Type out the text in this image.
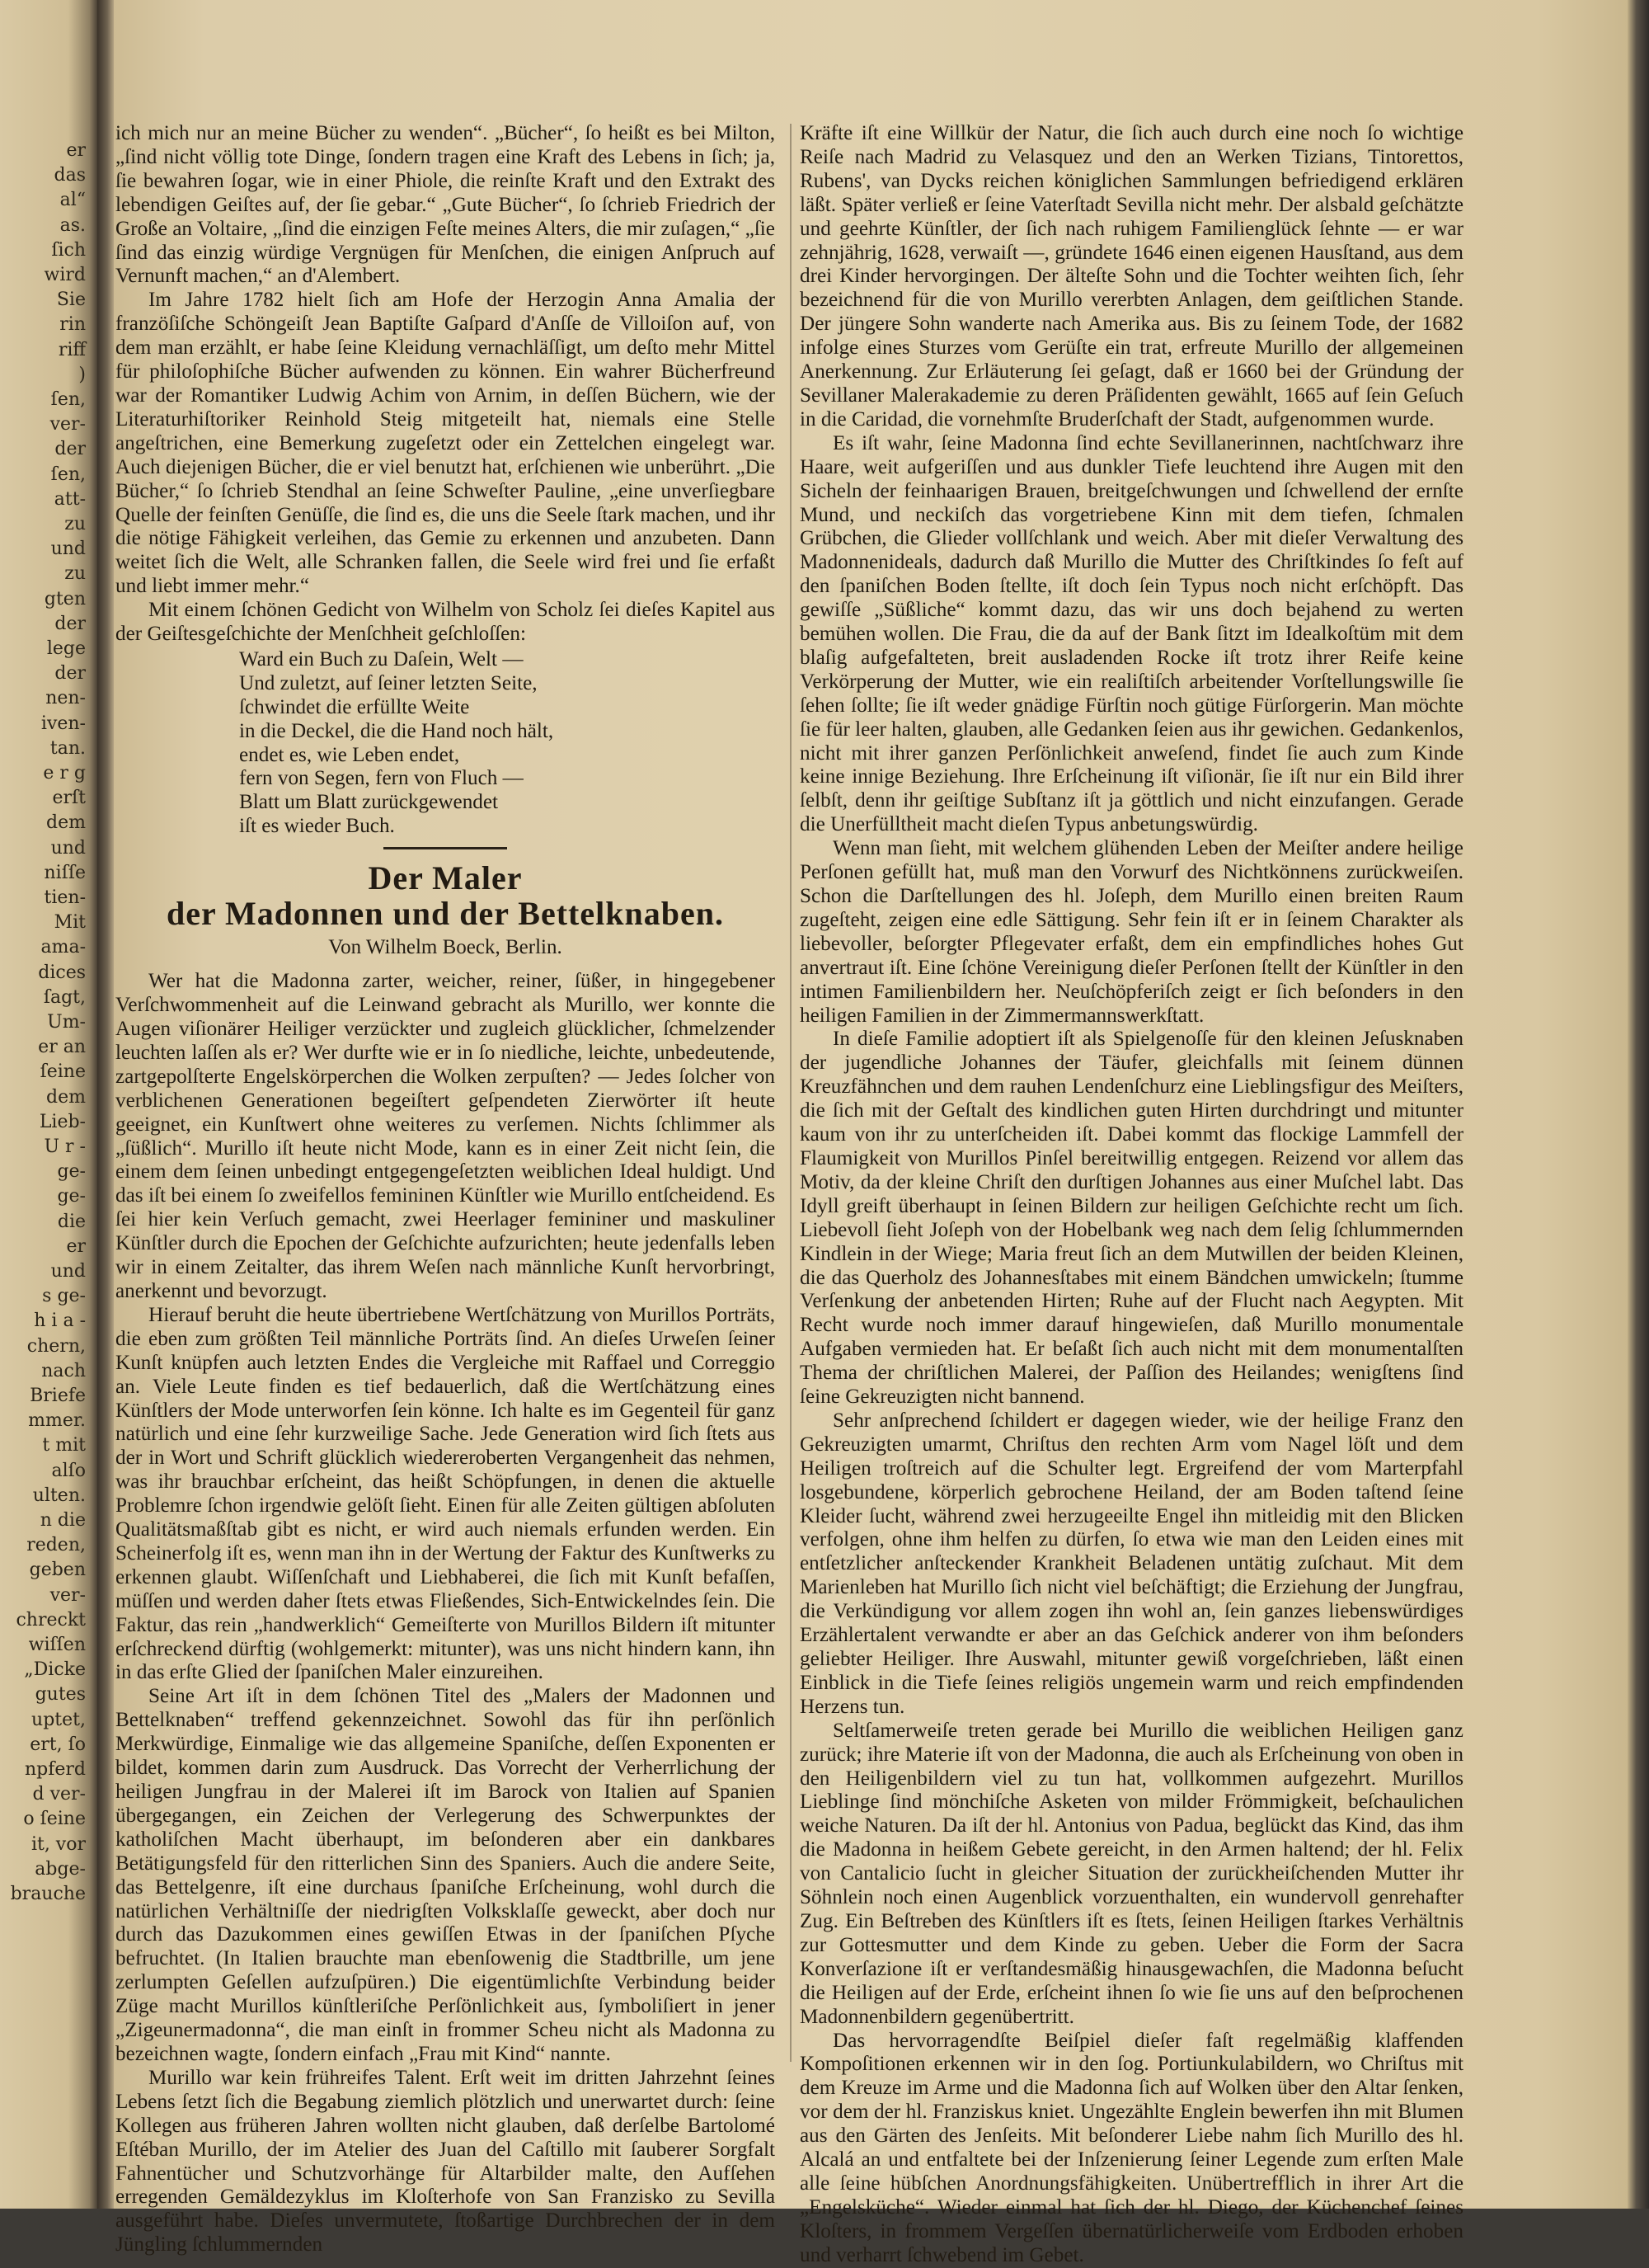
er
das
al“
as.
ſich
wird
Sie
rin
riff
)
ſen,
ver‑
der
ſen,
att‑
zu
und
zu
gten
der
lege
der
nen‑
iven‑
tan.
e r g
erſt
dem
und
niſſe
tien‑
Mit
ama‑
dices
ſagt,
Um‑
er an
ſeine
dem
Lieb‑
U r ‑
ge‑
ge‑
die
er
und
s ge‑
h i a ‑
chern,
nach
Briefe
mmer.
t mit
alſo
ulten.
n die
reden,
geben
ver‑
chreckt
wiſſen
„Dicke
gutes
uptet,
ert, ſo
npferd
d ver‑
o ſeine
it, vor
abge‑
brauche

ich mich nur an meine Bücher zu wenden“. „Bücher“, ſo heißt es bei Milton, „ſind nicht völlig tote Dinge, ſondern tragen eine Kraft des Lebens in ſich; ja, ſie bewahren ſogar, wie in einer Phiole, die reinſte Kraft und den Extrakt des lebendigen Geiſtes auf, der ſie gebar.“ „Gute Bücher“, ſo ſchrieb Friedrich der Große an Voltaire, „ſind die einzigen Feſte meines Alters, die mir zuſagen,“ „ſie ſind das einzig würdige Vergnügen für Menſchen, die einigen Anſpruch auf Vernunft machen,“ an d'Alembert.

Im Jahre 1782 hielt ſich am Hofe der Herzogin Anna Amalia der franzöſiſche Schöngeiſt Jean Baptiſte Gaſpard d'Anſſe de Villoiſon auf, von dem man erzählt, er habe ſeine Kleidung vernachläſſigt, um deſto mehr Mittel für philoſophiſche Bücher aufwenden zu können. Ein wahrer Bücherfreund war der Romantiker Ludwig Achim von Arnim, in deſſen Büchern, wie der Literaturhiſtoriker Reinhold Steig mitgeteilt hat, niemals eine Stelle angeſtrichen, eine Bemerkung zugeſetzt oder ein Zettelchen eingelegt war. Auch diejenigen Bücher, die er viel benutzt hat, erſchienen wie unberührt. „Die Bücher,“ ſo ſchrieb Stendhal an ſeine Schweſter Pauline, „eine unverſiegbare Quelle der feinſten Genüſſe, die ſind es, die uns die Seele ſtark machen, und ihr die nötige Fähigkeit verleihen, das Gemie zu erkennen und anzubeten. Dann weitet ſich die Welt, alle Schranken fallen, die Seele wird frei und ſie erfaßt und liebt immer mehr.“

Mit einem ſchönen Gedicht von Wilhelm von Scholz ſei dieſes Kapitel aus der Geiſtesgeſchichte der Menſchheit geſchloſſen:

Ward ein Buch zu Daſein, Welt —
Und zuletzt, auf ſeiner letzten Seite,
ſchwindet die erfüllte Weite
in die Deckel, die die Hand noch hält,
endet es, wie Leben endet,
fern von Segen, fern von Fluch —
Blatt um Blatt zurückgewendet
iſt es wieder Buch.
Der Maler
der Madonnen und der Bettelknaben.
Von Wilhelm Boeck, Berlin.

Wer hat die Madonna zarter, weicher, reiner, ſüßer, in hingegebener Verſchwommenheit auf die Leinwand gebracht als Murillo, wer konnte die Augen viſionärer Heiliger verzückter und zugleich glücklicher, ſchmelzender leuchten laſſen als er? Wer durfte wie er in ſo niedliche, leichte, unbedeutende, zartgepolſterte Engelskörperchen die Wolken zerpuſten? — Jedes ſolcher von verblichenen Generationen begeiſtert geſpendeten Zierwörter iſt heute geeignet, ein Kunſtwert ohne weiteres zu verſemen. Nichts ſchlimmer als „ſüßlich“. Murillo iſt heute nicht Mode, kann es in einer Zeit nicht ſein, die einem dem ſeinen unbedingt entgegengeſetzten weiblichen Ideal huldigt. Und das iſt bei einem ſo zweifellos femininen Künſtler wie Murillo entſcheidend. Es ſei hier kein Verſuch gemacht, zwei Heerlager femininer und maskuliner Künſtler durch die Epochen der Geſchichte aufzurichten; heute jedenfalls leben wir in einem Zeitalter, das ihrem Weſen nach männliche Kunſt hervorbringt, anerkennt und bevorzugt.

Hierauf beruht die heute übertriebene Wertſchätzung von Murillos Porträts, die eben zum größten Teil männliche Porträts ſind. An dieſes Urweſen ſeiner Kunſt knüpfen auch letzten Endes die Vergleiche mit Raffael und Correggio an. Viele Leute finden es tief bedauerlich, daß die Wertſchätzung eines Künſtlers der Mode unterworfen ſein könne. Ich halte es im Gegenteil für ganz natürlich und eine ſehr kurzweilige Sache. Jede Generation wird ſich ſtets aus der in Wort und Schrift glücklich wiedereroberten Vergangenheit das nehmen, was ihr brauchbar erſcheint, das heißt Schöpfungen, in denen die aktuelle Problemre ſchon irgendwie gelöſt ſieht. Einen für alle Zeiten gültigen abſoluten Qualitätsmaßſtab gibt es nicht, er wird auch niemals erfunden werden. Ein Scheinerfolg iſt es, wenn man ihn in der Wertung der Faktur des Kunſtwerks zu erkennen glaubt. Wiſſenſchaft und Liebhaberei, die ſich mit Kunſt befaſſen, müſſen und werden daher ſtets etwas Fließendes, Sich‑Entwickelndes ſein. Die Faktur, das rein „handwerklich“ Gemeiſterte von Murillos Bildern iſt mitunter erſchreckend dürftig (wohlgemerkt: mitunter), was uns nicht hindern kann, ihn in das erſte Glied der ſpaniſchen Maler einzureihen.

Seine Art iſt in dem ſchönen Titel des „Malers der Madonnen und Bettelknaben“ treffend gekennzeichnet. Sowohl das für ihn perſönlich Merkwürdige, Einmalige wie das allgemeine Spaniſche, deſſen Exponenten er bildet, kommen darin zum Ausdruck. Das Vorrecht der Verherrlichung der heiligen Jungfrau in der Malerei iſt im Barock von Italien auf Spanien übergegangen, ein Zeichen der Verlegerung des Schwerpunktes der katholiſchen Macht überhaupt, im beſonderen aber ein dankbares Betätigungsfeld für den ritterlichen Sinn des Spaniers. Auch die andere Seite, das Bettelgenre, iſt eine durchaus ſpaniſche Erſcheinung, wohl durch die natürlichen Verhältniſſe der niedrigſten Volksklaſſe geweckt, aber doch nur durch das Dazukommen eines gewiſſen Etwas in der ſpaniſchen Pſyche befruchtet. (In Italien brauchte man ebenſowenig die Stadtbrille, um jene zerlumpten Geſellen aufzuſpüren.) Die eigentümlichſte Verbindung beider Züge macht Murillos künſtleriſche Perſönlichkeit aus, ſymboliſiert in jener „Zigeunermadonna“, die man einſt in frommer Scheu nicht als Madonna zu bezeichnen wagte, ſondern einfach „Frau mit Kind“ nannte.

Murillo war kein frühreifes Talent. Erſt weit im dritten Jahrzehnt ſeines Lebens ſetzt ſich die Begabung ziemlich plötzlich und unerwartet durch: ſeine Kollegen aus früheren Jahren wollten nicht glauben, daß derſelbe Bartolomé Eſtéban Murillo, der im Atelier des Juan del Caſtillo mit ſauberer Sorgfalt Fahnentücher und Schutzvorhänge für Altarbilder malte, den Aufſehen erregenden Gemäldezyklus im Kloſterhofe von San Franzisko zu Sevilla ausgeführt habe. Dieſes unvermutete, ſtoßartige Durchbrechen der in dem Jüngling ſchlummernden

Kräfte iſt eine Willkür der Natur, die ſich auch durch eine noch ſo wichtige Reiſe nach Madrid zu Velasquez und den an Werken Tizians, Tintorettos, Rubens', van Dycks reichen königlichen Sammlungen befriedigend erklären läßt. Später verließ er ſeine Vaterſtadt Sevilla nicht mehr. Der alsbald geſchätzte und geehrte Künſtler, der ſich nach ruhigem Familienglück ſehnte — er war zehnjährig, 1628, verwaiſt —, gründete 1646 einen eigenen Hausſtand, aus dem drei Kinder hervorgingen. Der älteſte Sohn und die Tochter weihten ſich, ſehr bezeichnend für die von Murillo vererbten Anlagen, dem geiſtlichen Stande. Der jüngere Sohn wanderte nach Amerika aus. Bis zu ſeinem Tode, der 1682 infolge eines Sturzes vom Gerüſte ein trat, erfreute Murillo der allgemeinen Anerkennung. Zur Erläuterung ſei geſagt, daß er 1660 bei der Gründung der Sevillaner Malerakademie zu deren Präſidenten gewählt, 1665 auf ſein Geſuch in die Caridad, die vornehmſte Bruderſchaft der Stadt, aufgenommen wurde.

Es iſt wahr, ſeine Madonna ſind echte Sevillanerinnen, nachtſchwarz ihre Haare, weit aufgeriſſen und aus dunkler Tiefe leuchtend ihre Augen mit den Sicheln der feinhaarigen Brauen, breitgeſchwungen und ſchwellend der ernſte Mund, und neckiſch das vorgetriebene Kinn mit dem tiefen, ſchmalen Grübchen, die Glieder vollſchlank und weich. Aber mit dieſer Verwaltung des Madonnenideals, dadurch daß Murillo die Mutter des Chriſtkindes ſo feſt auf den ſpaniſchen Boden ſtellte, iſt doch ſein Typus noch nicht erſchöpft. Das gewiſſe „Süßliche“ kommt dazu, das wir uns doch bejahend zu werten bemühen wollen. Die Frau, die da auf der Bank ſitzt im Idealkoſtüm mit dem blaſig aufgefalteten, breit ausladenden Rocke iſt trotz ihrer Reife keine Verkörperung der Mutter, wie ein realiſtiſch arbeitender Vorſtellungswille ſie ſehen ſollte; ſie iſt weder gnädige Fürſtin noch gütige Fürſorgerin. Man möchte ſie für leer halten, glauben, alle Gedanken ſeien aus ihr gewichen. Gedankenlos, nicht mit ihrer ganzen Perſönlichkeit anweſend, findet ſie auch zum Kinde keine innige Beziehung. Ihre Erſcheinung iſt viſionär, ſie iſt nur ein Bild ihrer ſelbſt, denn ihr geiſtige Subſtanz iſt ja göttlich und nicht einzufangen. Gerade die Unerfülltheit macht dieſen Typus anbetungswürdig.

Wenn man ſieht, mit welchem glühenden Leben der Meiſter andere heilige Perſonen gefüllt hat, muß man den Vorwurf des Nichtkönnens zurückweiſen. Schon die Darſtellungen des hl. Joſeph, dem Murillo einen breiten Raum zugeſteht, zeigen eine edle Sättigung. Sehr fein iſt er in ſeinem Charakter als liebevoller, beſorgter Pflegevater erfaßt, dem ein empfindliches hohes Gut anvertraut iſt. Eine ſchöne Vereinigung dieſer Perſonen ſtellt der Künſtler in den intimen Familienbildern her. Neuſchöpferiſch zeigt er ſich beſonders in den heiligen Familien in der Zimmermannswerkſtatt.

In dieſe Familie adoptiert iſt als Spielgenoſſe für den kleinen Jeſusknaben der jugendliche Johannes der Täufer, gleichfalls mit ſeinem dünnen Kreuzfähnchen und dem rauhen Lendenſchurz eine Lieblingsfigur des Meiſters, die ſich mit der Geſtalt des kindlichen guten Hirten durchdringt und mitunter kaum von ihr zu unterſcheiden iſt. Dabei kommt das flockige Lammfell der Flaumigkeit von Murillos Pinſel bereitwillig entgegen. Reizend vor allem das Motiv, da der kleine Chriſt den durſtigen Johannes aus einer Muſchel labt. Das Idyll greift überhaupt in ſeinen Bildern zur heiligen Geſchichte recht um ſich. Liebevoll ſieht Joſeph von der Hobelbank weg nach dem ſelig ſchlummernden Kindlein in der Wiege; Maria freut ſich an dem Mutwillen der beiden Kleinen, die das Querholz des Johannesſtabes mit einem Bändchen umwickeln; ſtumme Verſenkung der anbetenden Hirten; Ruhe auf der Flucht nach Aegypten. Mit Recht wurde noch immer darauf hingewieſen, daß Murillo monumentale Aufgaben vermieden hat. Er beſaßt ſich auch nicht mit dem monumentalſten Thema der chriſtlichen Malerei, der Paſſion des Heilandes; wenigſtens ſind ſeine Gekreuzigten nicht bannend.

Sehr anſprechend ſchildert er dagegen wieder, wie der heilige Franz den Gekreuzigten umarmt, Chriſtus den rechten Arm vom Nagel löſt und dem Heiligen troſtreich auf die Schulter legt. Ergreifend der vom Marterpfahl losgebundene, körperlich gebrochene Heiland, der am Boden taſtend ſeine Kleider ſucht, während zwei herzugeeilte Engel ihn mitleidig mit den Blicken verfolgen, ohne ihm helfen zu dürfen, ſo etwa wie man den Leiden eines mit entſetzlicher anſteckender Krankheit Beladenen untätig zuſchaut. Mit dem Marienleben hat Murillo ſich nicht viel beſchäftigt; die Erziehung der Jungfrau, die Verkündigung vor allem zogen ihn wohl an, ſein ganzes liebenswürdiges Erzählertalent verwandte er aber an das Geſchick anderer von ihm beſonders geliebter Heiliger. Ihre Auswahl, mitunter gewiß vorgeſchrieben, läßt einen Einblick in die Tiefe ſeines religiös ungemein warm und reich empfindenden Herzens tun.

Seltſamerweiſe treten gerade bei Murillo die weiblichen Heiligen ganz zurück; ihre Materie iſt von der Madonna, die auch als Erſcheinung von oben in den Heiligenbildern viel zu tun hat, vollkommen aufgezehrt. Murillos Lieblinge ſind mönchiſche Asketen von milder Frömmigkeit, beſchaulichen weiche Naturen. Da iſt der hl. Antonius von Padua, beglückt das Kind, das ihm die Madonna in heißem Gebete gereicht, in den Armen haltend; der hl. Felix von Cantalicio ſucht in gleicher Situation der zurückheiſchenden Mutter ihr Söhnlein noch einen Augenblick vorzuenthalten, ein wundervoll genrehafter Zug. Ein Beſtreben des Künſtlers iſt es ſtets, ſeinen Heiligen ſtarkes Verhältnis zur Gottesmutter und dem Kinde zu geben. Ueber die Form der Sacra Konverſazione iſt er verſtandesmäßig hinausgewachſen, die Madonna beſucht die Heiligen auf der Erde, erſcheint ihnen ſo wie ſie uns auf den beſprochenen Madonnenbildern gegenübertritt.

Das hervorragendſte Beiſpiel dieſer faſt regelmäßig klaffenden Kompoſitionen erkennen wir in den ſog. Portiunkulabildern, wo Chriſtus mit dem Kreuze im Arme und die Madonna ſich auf Wolken über den Altar ſenken, vor dem der hl. Franziskus kniet. Ungezählte Englein bewerfen ihn mit Blumen aus den Gärten des Jenſeits. Mit beſonderer Liebe nahm ſich Murillo des hl. Alcalá an und entfaltete bei der Inſzenierung ſeiner Legende zum erſten Male alle ſeine hübſchen Anordnungsfähigkeiten. Unübertrefflich in ihrer Art die „Engelsküche“. Wieder einmal hat ſich der hl. Diego, der Küchenchef ſeines Kloſters, in frommem Vergeſſen übernatürlicherweiſe vom Erdboden erhoben und verharrt ſchwebend im Gebet.
